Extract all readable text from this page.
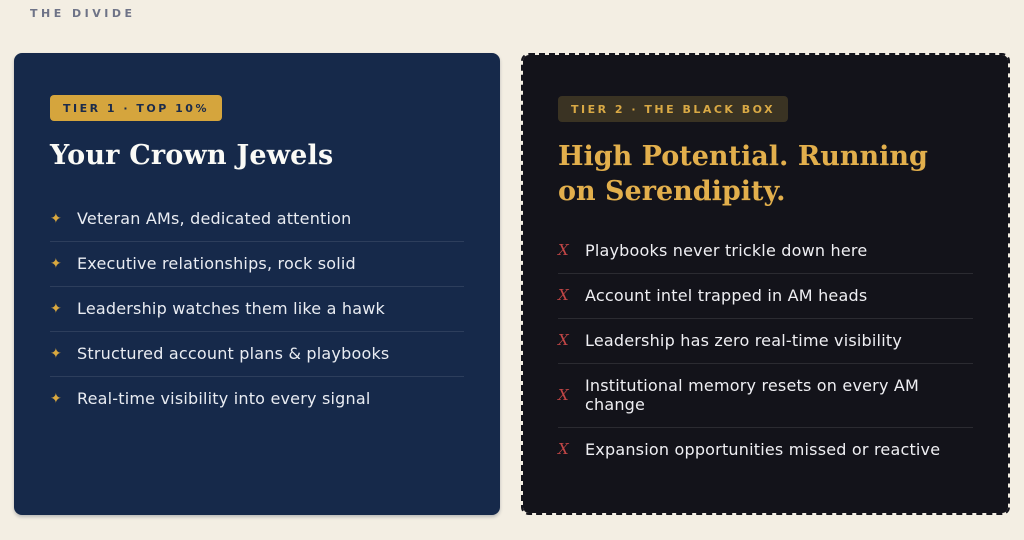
THE DIVIDE
TIER 1 · TOP 10%
Your Crown Jewels
✦ Veteran AMs, dedicated attention
✦ Executive relationships, rock solid
✦ Leadership watches them like a hawk
✦ Structured account plans & playbooks
✦ Real-time visibility into every signal
TIER 2 · THE BLACK BOX
High Potential. Running on Serendipity.
X	Playbooks never trickle down here
X	Account intel trapped in AM heads
X	Leadership has zero real-time visibility
X	Institutional memory resets on every AM change
X	Expansion opportunities missed or reactive
